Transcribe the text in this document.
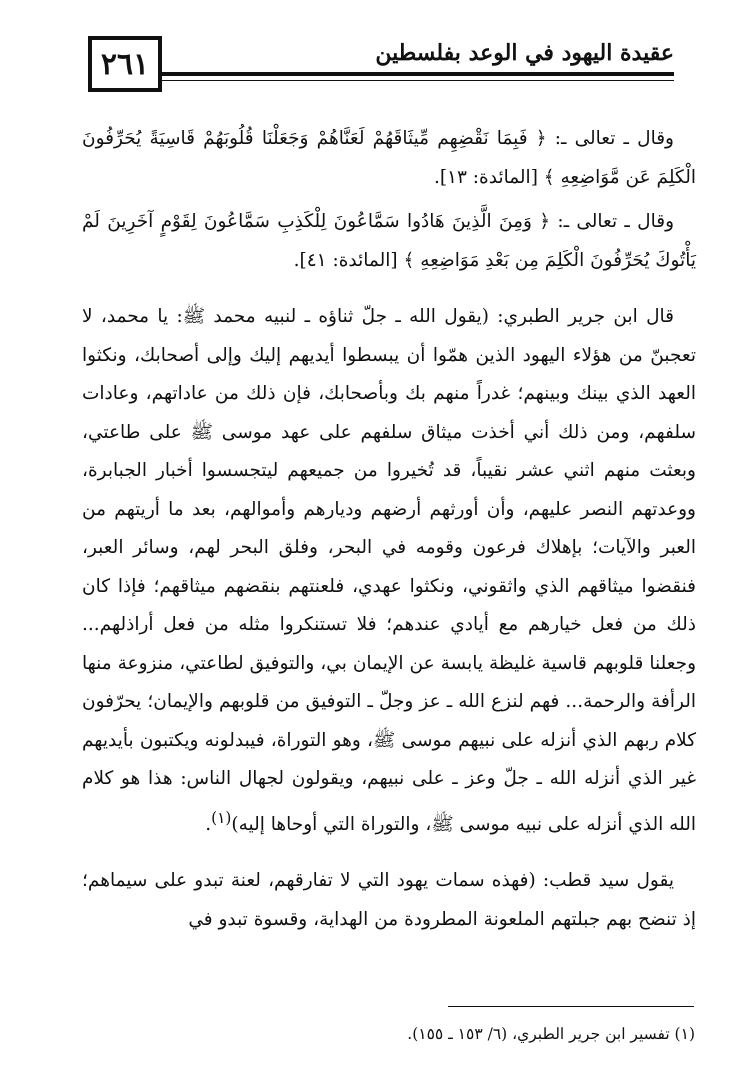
٢٦١	عقيدة اليهود في الوعد بفلسطين

وقال ـ تعالى ـ: ﴿ فَبِمَا نَقْضِهِم مِّيثَاقَهُمْ لَعَنَّاهُمْ وَجَعَلْنَا قُلُوبَهُمْ قَاسِيَةً يُحَرِّفُونَ الْكَلِمَ عَن مَّوَاضِعِهِ ﴾ [المائدة: ١٣].

وقال ـ تعالى ـ: ﴿ وَمِنَ الَّذِينَ هَادُوا سَمَّاعُونَ لِلْكَذِبِ سَمَّاعُونَ لِقَوْمٍ آخَرِينَ لَمْ يَأْتُوكَ يُحَرِّفُونَ الْكَلِمَ مِن بَعْدِ مَوَاضِعِهِ ﴾ [المائدة: ٤١].

قال ابن جرير الطبري: (يقول الله ـ جلّ ثناؤه ـ لنبيه محمد ﷺ: يا محمد، لا تعجبنّ من هؤلاء اليهود الذين همّوا أن يبسطوا أيديهم إليك وإلى أصحابك، ونكثوا العهد الذي بينك وبينهم؛ غدراً منهم بك وبأصحابك، فإن ذلك من عاداتهم، وعادات سلفهم، ومن ذلك أني أخذت ميثاق سلفهم على عهد موسى ﷺ على طاعتي، وبعثت منهم اثني عشر نقيباً، قد تُخيروا من جميعهم ليتجسسوا أخبار الجبابرة، ووعدتهم النصر عليهم، وأن أورثهم أرضهم وديارهم وأموالهم، بعد ما أريتهم من العبر والآيات؛ بإهلاك فرعون وقومه في البحر، وفلق البحر لهم، وسائر العبر، فنقضوا ميثاقهم الذي واثقوني، ونكثوا عهدي، فلعنتهم بنقضهم ميثاقهم؛ فإذا كان ذلك من فعل خيارهم مع أيادي عندهم؛ فلا تستنكروا مثله من فعل أراذلهم... وجعلنا قلوبهم قاسية غليظة يابسة عن الإيمان بي، والتوفيق لطاعتي، منزوعة منها الرأفة والرحمة... فهم لنزع الله ـ عز وجلّ ـ التوفيق من قلوبهم والإيمان؛ يحرّفون كلام ربهم الذي أنزله على نبيهم موسى ﷺ، وهو التوراة، فيبدلونه ويكتبون بأيديهم غير الذي أنزله الله ـ جلّ وعز ـ على نبيهم، ويقولون لجهال الناس: هذا هو كلام الله الذي أنزله على نبيه موسى ﷺ، والتوراة التي أوحاها إليه)$^{(١)}$.

يقول سيد قطب: (فهذه سمات يهود التي لا تفارقهم، لعنة تبدو على سيماهم؛ إذ تنضح بهم جبلتهم الملعونة المطرودة من الهداية، وقسوة تبدو في

(١) تفسير ابن جرير الطبري، (٦/ ١٥٣ ـ ١٥٥).
